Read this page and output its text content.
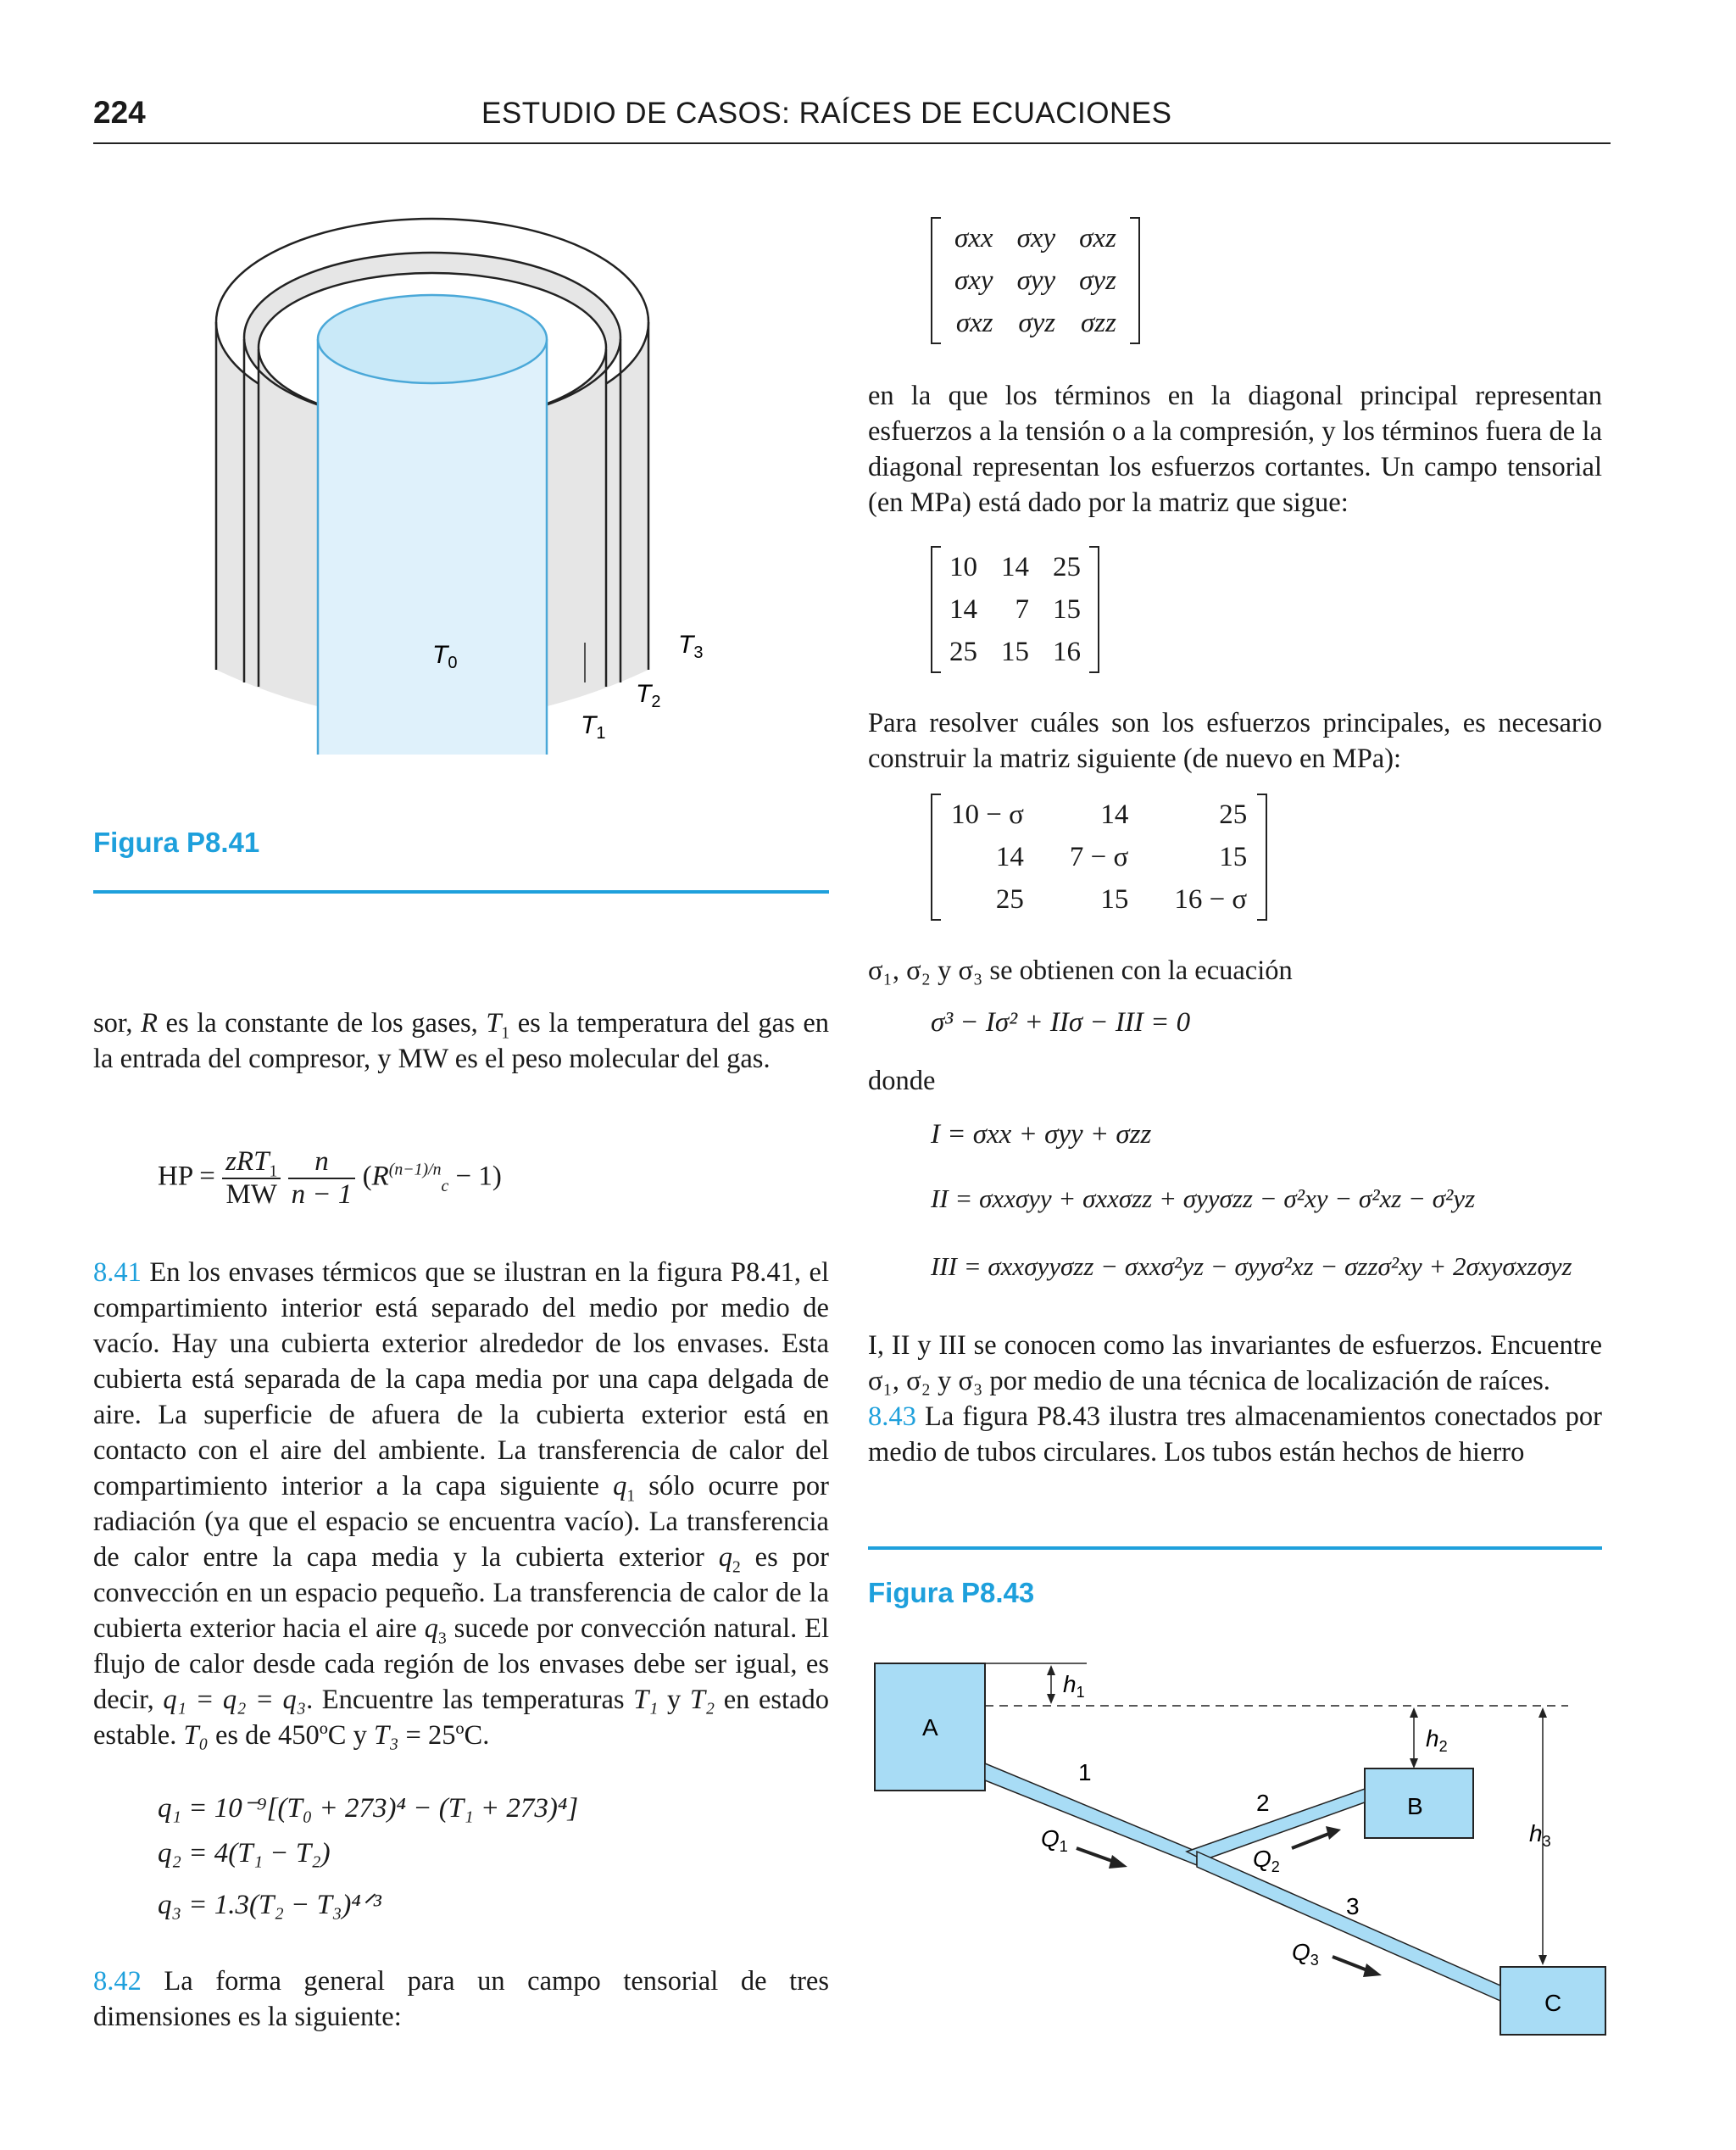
224	ESTUDIO DE CASOS: RAÍCES DE ECUACIONES
$T_0$
$T_1$
$T_2$
$T_3$
Figura P8.41

sor, R es la constante de los gases, $T_1$ es la temperatura del gas en la entrada del compresor, y MW es el peso molecular del gas.

HP = $\frac{zRT_1}{MW}$
$\frac{n}{n - 1} (R^{(n-1)/n}_c - 1)$

8.41 En los envases térmicos que se ilustran en la figura P8.41, el compartimiento interior está separado del medio por medio de vacío. Hay una cubierta exterior alrededor de los envases. Esta cubierta está separada de la capa media por una capa delgada de aire. La superficie de afuera de la cubierta exterior está en contacto con el aire del ambiente. La transferencia de calor del compartimiento interior a la capa siguiente $q_1$ sólo ocurre por radiación (ya que el espacio se encuentra vacío). La transferencia de calor entre la capa media y la cubierta exterior $q_2$ es por convección en un espacio pequeño. La transferencia de calor de la cubierta exterior hacia el aire $q_3$ sucede por convección natural. El flujo de calor desde cada región de los envases debe ser igual, es decir, q₁ = q₂ = q₃. Encuentre las temperaturas T₁ y T₂ en estado estable. T₀ es de 450ºC y T₃ = 25ºC.

q₁ = 10⁻⁹[(T₀ + 273)⁴ − (T₁ + 273)⁴]
q₂ = 4(T₁ − T₂)
q₃ = 1.3(T₂ − T₃)⁴ᐟ³

8.42 La forma general para un campo tensorial de tres dimensiones es la siguiente:

σxx	σxy	σxz
σxy	σyy	σyz
σxz	σyz	σzz

en la que los términos en la diagonal principal representan esfuerzos a la tensión o a la compresión, y los términos fuera de la diagonal representan los esfuerzos cortantes. Un campo tensorial (en MPa) está dado por la matriz que sigue:

10	14	25
14	7	15
25	15	16

Para resolver cuáles son los esfuerzos principales, es necesario construir la matriz siguiente (de nuevo en MPa):

10 − σ	14	25
14	7 − σ	15
25	15	16 − σ

σ₁, σ₂ y σ₃ se obtienen con la ecuación

σ³ − Iσ² + IIσ − III = 0

donde

I = σxx + σyy + σzz
II = σxxσyy + σxxσzz + σyyσzz − σ²xy − σ²xz − σ²yz
III = σxxσyyσzz − σxxσ²yz − σyyσ²xz − σzzσ²xy + 2σxyσxzσyz

I, II y III se conocen como las invariantes de esfuerzos. Encuentre σ₁, σ₂ y σ₃ por medio de una técnica de localización de raíces.

8.43 La figura P8.43 ilustra tres almacenamientos conectados por medio de tubos circulares. Los tubos están hechos de hierro

Figura P8.43
$h_1$
$h_2$
$h_3$
A
B
C
1
2
3
$Q_1$	$Q_2$
$Q_3$
